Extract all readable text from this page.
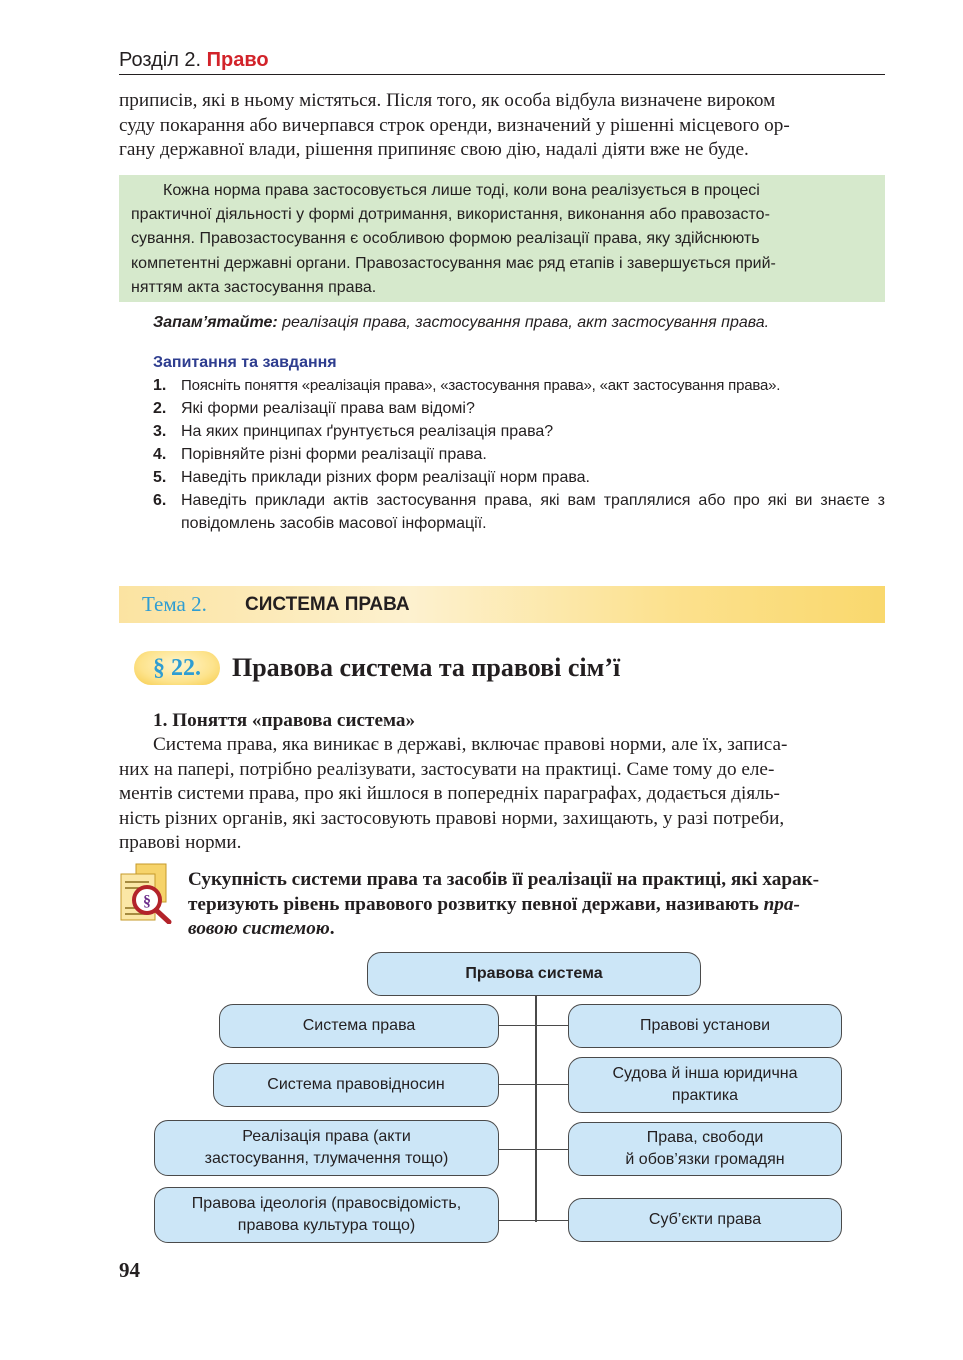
Розділ 2. Право
приписів, які в ньому містяться. Після того, як особа відбула визначене вироком
суду покарання або вичерпався строк оренди, визначений у рішенні місцевого ор-
гану державної влади, рішення припиняє свою дію, надалі діяти вже не буде.
Кожна норма права застосовується лише тоді, коли вона реалізується в процесі
практичної діяльності у формі дотримання, використання, виконання або правозасто-
сування. Правозастосування є особливою формою реалізації права, яку здійснюють
компетентні державні органи. Правозастосування має ряд етапів і завершується прий-
няттям акта застосування права.
Запам’ятайте: реалізація права, застосування права, акт застосування права.
Запитання та завдання
1. Поясніть поняття «реалізація права», «застосування права», «акт застосування права».
2. Які форми реалізації права вам відомі?
3. На яких принципах ґрунтується реалізація права?
4. Порівняйте різні форми реалізації права.
5. Наведіть приклади різних форм реалізації норм права.
6. Наведіть приклади актів застосування права, які вам траплялися або про які ви знаєте з повідомлень засобів масової інформації.
Тема 2. СИСТЕМА ПРАВА
§ 22.	Правова система та правові сім’ї
1. Поняття «правова система»
Система права, яка виникає в державі, включає правові норми, але їх, записа-
них на папері, потрібно реалізувати, застосувати на практиці. Саме тому до еле-
ментів системи права, про які йшлося в попередніх параграфах, додається діяль-
ність різних органів, які застосовують правові норми, захищають, у разі потреби,
правові норми.
§
Сукупність системи права та засобів її реалізації на практиці, які харак-
теризують рівень правового розвитку певної держави, називають пра-
вовою системою.
Правова система
Система права
Система правовідносин
Реалізація права (акти
застосування, тлумачення тощо)
Правова ідеологія (правосвідомість,
правова культура тощо)
Правові установи
Судова й інша юридична
практика
Права, свободи
й обов’язки громадян
Суб’єкти права
94
